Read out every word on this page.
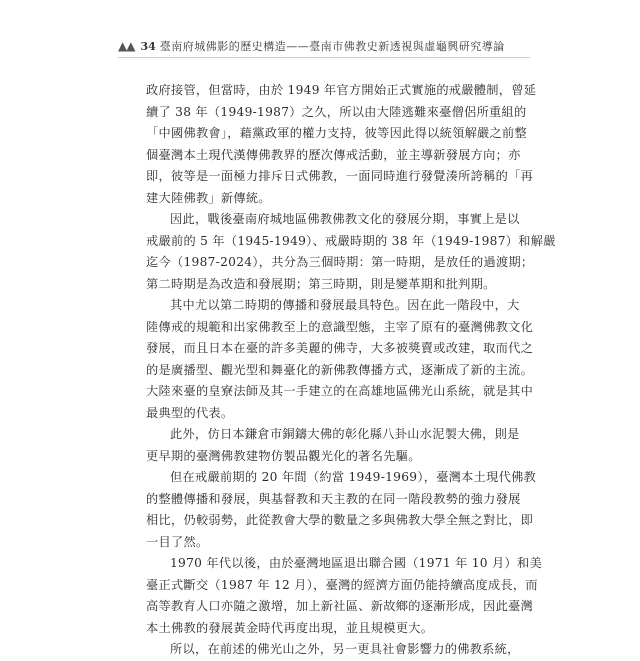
▲▲ 34 臺南府城佛影的歷史構造——臺南市佛教史新透視與虛龜興研究導論
政府接管，但當時，由於 1949 年官方開始正式實施的戒嚴體制，曾延
續了 38 年（1949-1987）之久，所以由大陸逃難來臺僧侶所重組的
「中國佛教會」，藉黨政軍的權力支持，彼等因此得以統領解嚴之前整
個臺灣本土現代漢傳佛教界的歷次傳戒活動，並主導新發展方向；亦
即，彼等是一面極力排斥日式佛教，一面同時進行發覺湊所誇稱的「再
建大陸佛教」新傳統。
因此，戰後臺南府城地區佛教佛教文化的發展分期，事實上是以
戒嚴前的 5 年（1945-1949）、戒嚴時期的 38 年（1949-1987）和解嚴
迄今（1987-2024），共分為三個時期：第一時期，是放任的過渡期；
第二時期是為改造和發展期；第三時期，則是變革期和批判期。
其中尤以第二時期的傳播和發展最具特色。因在此一階段中，大
陸傳戒的規範和出家佛教至上的意識型態，主宰了原有的臺灣佛教文化
發展，而且日本在臺的許多美麗的佛寺，大多被獎賣或改建，取而代之
的是廣播型、觀光型和舞臺化的新佛教傳播方式，逐漸成了新的主流。
大陸來臺的皇寮法師及其一手建立的在高雄地區佛光山系統，就是其中
最典型的代表。
此外，仿日本鎌倉市銅鑄大佛的彰化縣八卦山水泥製大佛，則是
更早期的臺灣佛教建物仿製品觀光化的著名先驅。
但在戒嚴前期的 20 年間（約當 1949-1969），臺灣本土現代佛教
的整體傳播和發展，與基督教和天主教的在同一階段教勢的強力發展
相比，仍較弱勢，此從教會大學的數量之多與佛教大學全無之對比，即
一目了然。
1970 年代以後，由於臺灣地區退出聯合國（1971 年 10 月）和美
臺正式斷交（1987 年 12 月），臺灣的經濟方面仍能持續高度成長，而
高等教育人口亦隨之激增，加上新社區、新故鄉的逐漸形成，因此臺灣
本土佛教的發展黃金時代再度出現，並且規模更大。
所以，在前述的佛光山之外，另一更具社會影響力的佛教系統，
